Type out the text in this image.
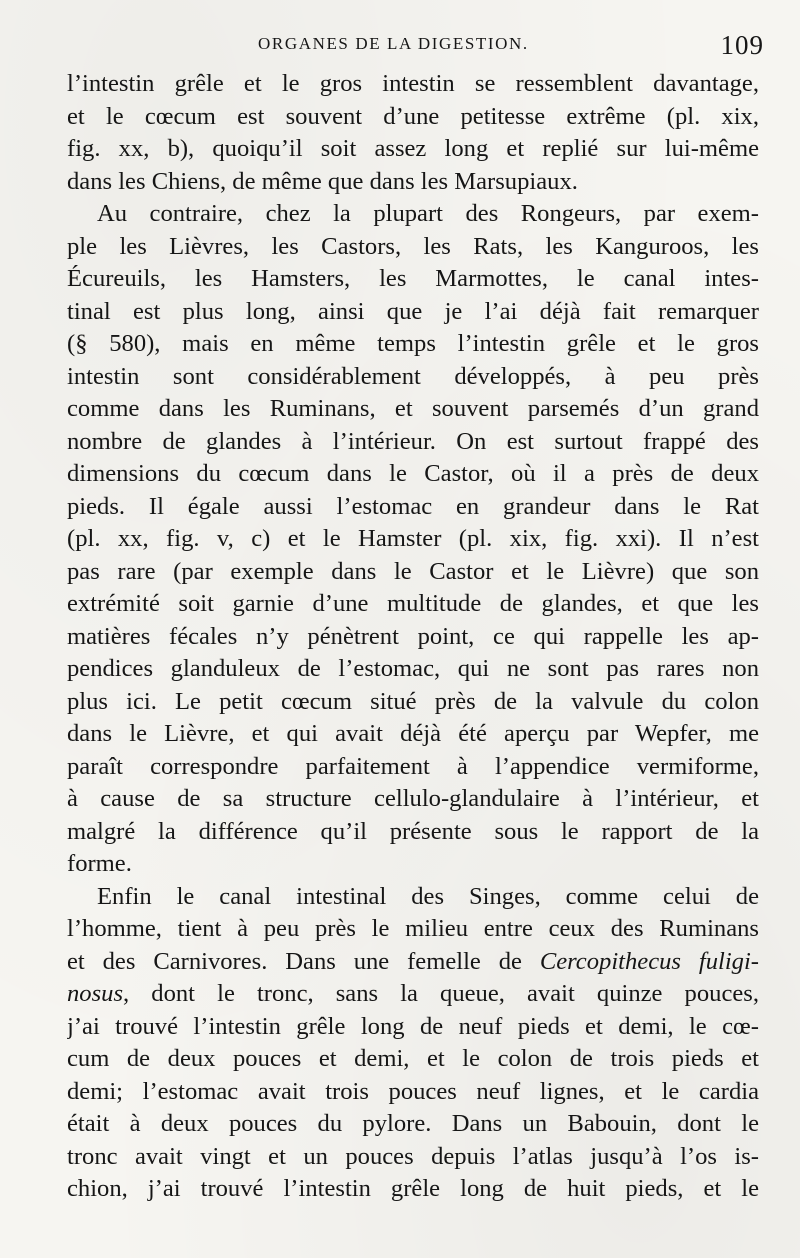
ORGANES DE LA DIGESTION.	109
l’intestin grêle et le gros intestin se ressemblent davantage,
et le cœcum est souvent d’une petitesse extrême (pl. xix,
fig. xx, b), quoiqu’il soit assez long et replié sur lui-même
dans les Chiens, de même que dans les Marsupiaux.
Au contraire, chez la plupart des Rongeurs, par exem-
ple les Lièvres, les Castors, les Rats, les Kanguroos, les
Écureuils, les Hamsters, les Marmottes, le canal intes-
tinal est plus long, ainsi que je l’ai déjà fait remarquer
(§ 580), mais en même temps l’intestin grêle et le gros
intestin sont considérablement développés, à peu près
comme dans les Ruminans, et souvent parsemés d’un grand
nombre de glandes à l’intérieur. On est surtout frappé des
dimensions du cœcum dans le Castor, où il a près de deux
pieds. Il égale aussi l’estomac en grandeur dans le Rat
(pl. xx, fig. v, c) et le Hamster (pl. xix, fig. xxi). Il n’est
pas rare (par exemple dans le Castor et le Lièvre) que son
extrémité soit garnie d’une multitude de glandes, et que les
matières fécales n’y pénètrent point, ce qui rappelle les ap-
pendices glanduleux de l’estomac, qui ne sont pas rares non
plus ici. Le petit cœcum situé près de la valvule du colon
dans le Lièvre, et qui avait déjà été aperçu par Wepfer, me
paraît correspondre parfaitement à l’appendice vermiforme,
à cause de sa structure cellulo-glandulaire à l’intérieur, et
malgré la différence qu’il présente sous le rapport de la
forme.
Enfin le canal intestinal des Singes, comme celui de
l’homme, tient à peu près le milieu entre ceux des Ruminans
et des Carnivores. Dans une femelle de Cercopithecus fuligi-
nosus, dont le tronc, sans la queue, avait quinze pouces,
j’ai trouvé l’intestin grêle long de neuf pieds et demi, le cœ-
cum de deux pouces et demi, et le colon de trois pieds et
demi; l’estomac avait trois pouces neuf lignes, et le cardia
était à deux pouces du pylore. Dans un Babouin, dont le
tronc avait vingt et un pouces depuis l’atlas jusqu’à l’os is-
chion, j’ai trouvé l’intestin grêle long de huit pieds, et le
